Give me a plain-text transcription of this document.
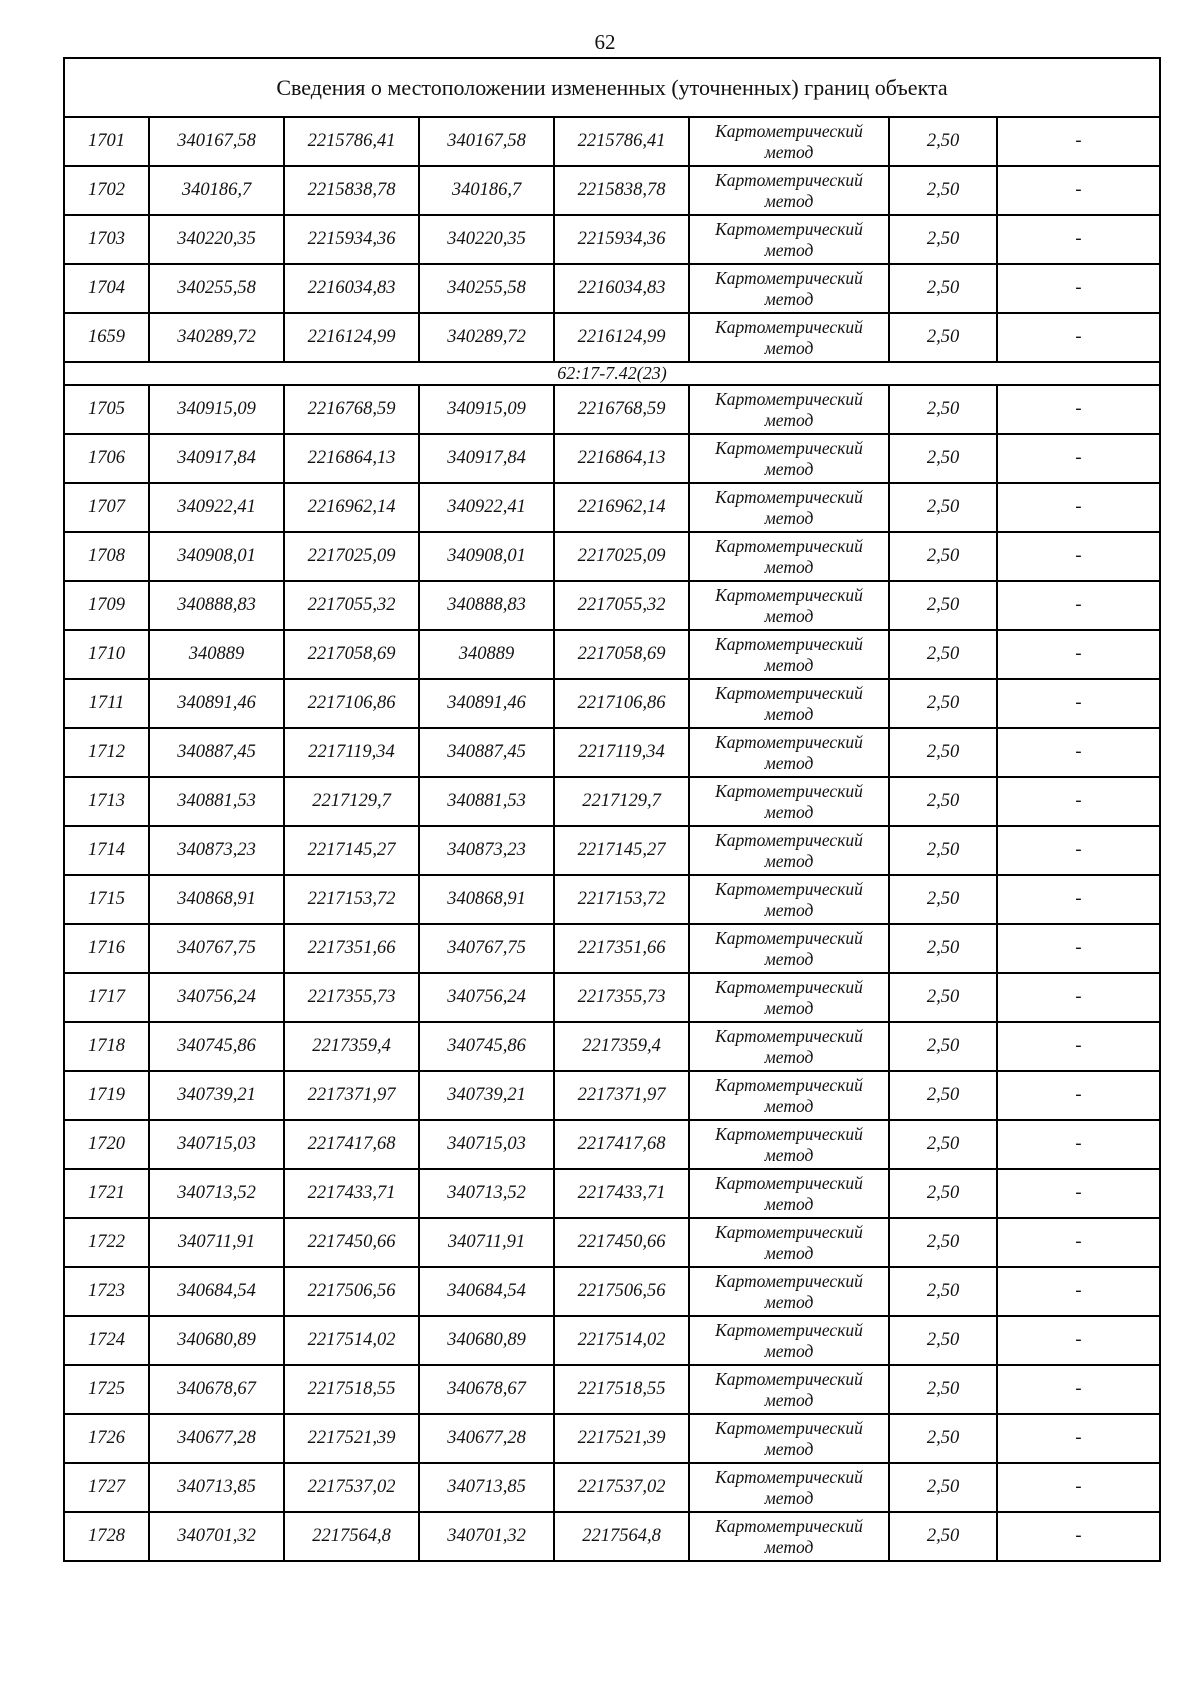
62
Сведения о местоположении измененных (уточненных) границ объекта							
1701	340167,58	2215786,41	340167,58	2215786,41	Картометрический метод	2,50	-
1702	340186,7	2215838,78	340186,7	2215838,78	Картометрический метод	2,50	-
1703	340220,35	2215934,36	340220,35	2215934,36	Картометрический метод	2,50	-
1704	340255,58	2216034,83	340255,58	2216034,83	Картометрический метод	2,50	-
1659	340289,72	2216124,99	340289,72	2216124,99	Картометрический метод	2,50	-
62:17-7.42(23)							
1705	340915,09	2216768,59	340915,09	2216768,59	Картометрический метод	2,50	-
1706	340917,84	2216864,13	340917,84	2216864,13	Картометрический метод	2,50	-
1707	340922,41	2216962,14	340922,41	2216962,14	Картометрический метод	2,50	-
1708	340908,01	2217025,09	340908,01	2217025,09	Картометрический метод	2,50	-
1709	340888,83	2217055,32	340888,83	2217055,32	Картометрический метод	2,50	-
1710	340889	2217058,69	340889	2217058,69	Картометрический метод	2,50	-
1711	340891,46	2217106,86	340891,46	2217106,86	Картометрический метод	2,50	-
1712	340887,45	2217119,34	340887,45	2217119,34	Картометрический метод	2,50	-
1713	340881,53	2217129,7	340881,53	2217129,7	Картометрический метод	2,50	-
1714	340873,23	2217145,27	340873,23	2217145,27	Картометрический метод	2,50	-
1715	340868,91	2217153,72	340868,91	2217153,72	Картометрический метод	2,50	-
1716	340767,75	2217351,66	340767,75	2217351,66	Картометрический метод	2,50	-
1717	340756,24	2217355,73	340756,24	2217355,73	Картометрический метод	2,50	-
1718	340745,86	2217359,4	340745,86	2217359,4	Картометрический метод	2,50	-
1719	340739,21	2217371,97	340739,21	2217371,97	Картометрический метод	2,50	-
1720	340715,03	2217417,68	340715,03	2217417,68	Картометрический метод	2,50	-
1721	340713,52	2217433,71	340713,52	2217433,71	Картометрический метод	2,50	-
1722	340711,91	2217450,66	340711,91	2217450,66	Картометрический метод	2,50	-
1723	340684,54	2217506,56	340684,54	2217506,56	Картометрический метод	2,50	-
1724	340680,89	2217514,02	340680,89	2217514,02	Картометрический метод	2,50	-
1725	340678,67	2217518,55	340678,67	2217518,55	Картометрический метод	2,50	-
1726	340677,28	2217521,39	340677,28	2217521,39	Картометрический метод	2,50	-
1727	340713,85	2217537,02	340713,85	2217537,02	Картометрический метод	2,50	-
1728	340701,32	2217564,8	340701,32	2217564,8	Картометрический метод	2,50	-
